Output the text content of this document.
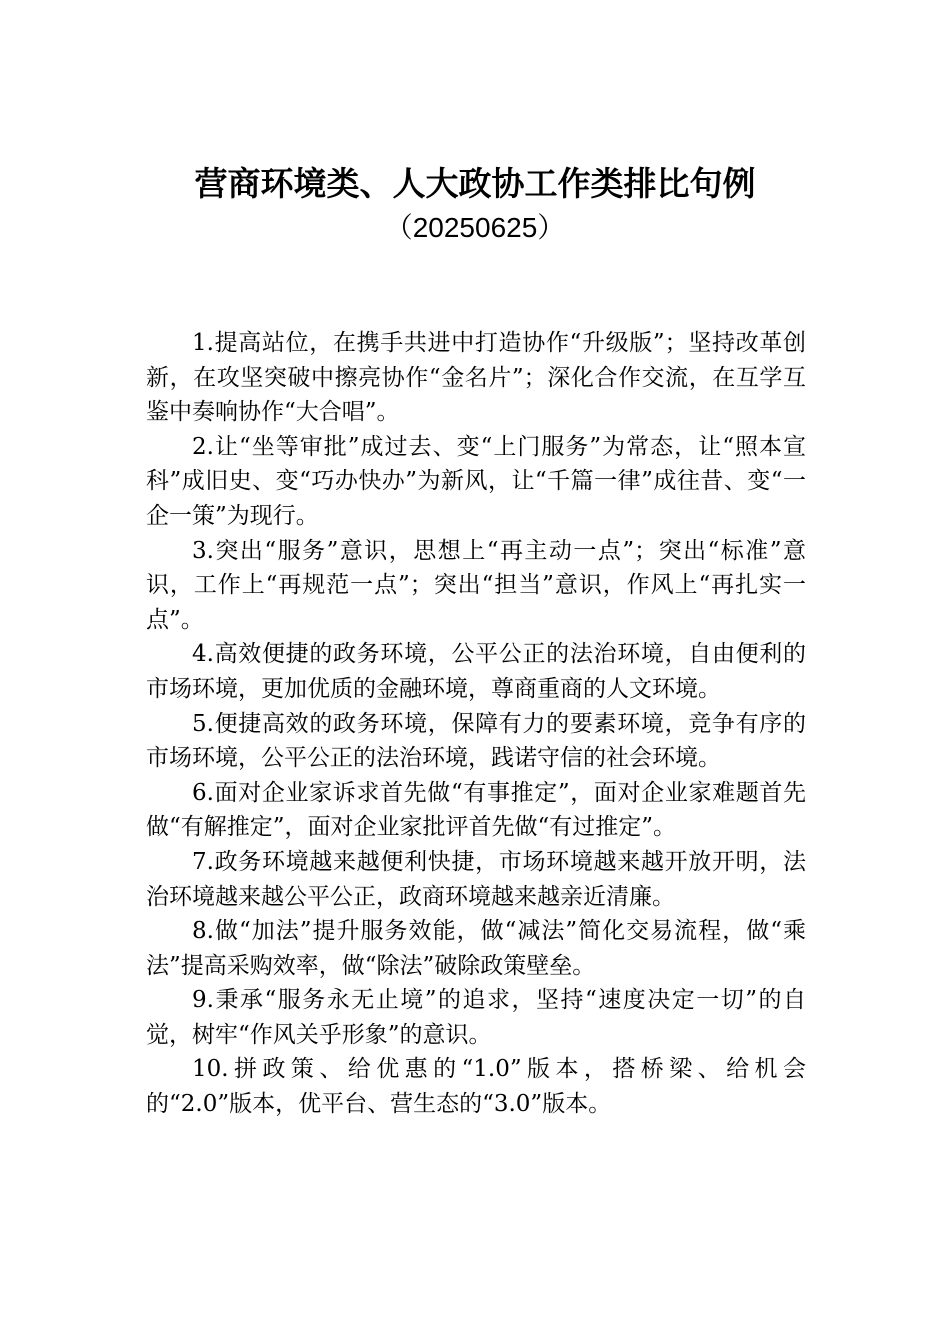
营商环境类、人大政协工作类排比句例
（20250625）

1.提高站位，在携手共进中打造协作“升级版”；坚持改革创新，在攻坚突破中擦亮协作“金名片”；深化合作交流，在互学互鉴中奏响协作“大合唱”。

2.让“坐等审批”成过去、变“上门服务”为常态，让“照本宣科”成旧史、变“巧办快办”为新风，让“千篇一律”成往昔、变“一企一策”为现行。

3.突出“服务”意识，思想上“再主动一点”；突出“标准”意识，工作上“再规范一点”；突出“担当”意识，作风上“再扎实一点”。

4.高效便捷的政务环境，公平公正的法治环境，自由便利的市场环境，更加优质的金融环境，尊商重商的人文环境。

5.便捷高效的政务环境，保障有力的要素环境，竞争有序的市场环境，公平公正的法治环境，践诺守信的社会环境。

6.面对企业家诉求首先做“有事推定”，面对企业家难题首先做“有解推定”，面对企业家批评首先做“有过推定”。

7.政务环境越来越便利快捷，市场环境越来越开放开明，法治环境越来越公平公正，政商环境越来越亲近清廉。

8.做“加法”提升服务效能，做“减法”简化交易流程，做“乘法”提高采购效率，做“除法”破除政策壁垒。

9.秉承“服务永无止境”的追求，坚持“速度决定一切”的自觉，树牢“作风关乎形象”的意识。

10.拼政策、给优惠的“1.0”版本，搭桥梁、给机会的“2.0”版本，优平台、营生态的“3.0”版本。
